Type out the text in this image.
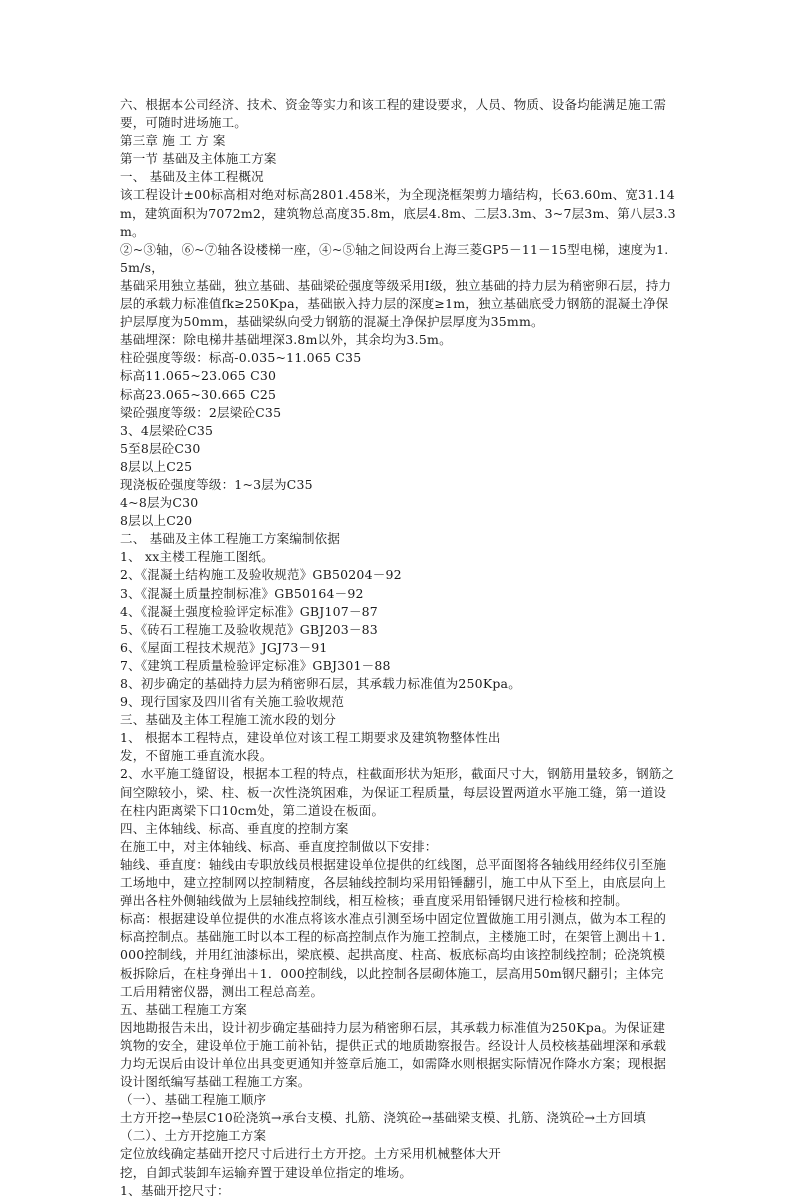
六、根据本公司经济、技术、资金等实力和该工程的建设要求，人员、物质、设备均能满足施工需要，可随时进场施工。

第三章 施 工 方 案

第一节 基础及主体施工方案

一、 基础及主体工程概况

该工程设计±00标高相对绝对标高2801.458米，为全现浇框架剪力墙结构，长63.60m、宽31.14m，建筑面积为7072m2，建筑物总高度35.8m，底层4.8m、二层3.3m、3~7层3m、第八层3.3m。

②~③轴，⑥~⑦轴各设楼梯一座，④~⑤轴之间设两台上海三菱GP5－11－15型电梯，速度为1.5m/s，

基础采用独立基础，独立基础、基础梁砼强度等级采用Ⅰ级，独立基础的持力层为稍密卵石层，持力层的承载力标准值fk≥250Kpa，基础嵌入持力层的深度≥1m，独立基础底受力钢筋的混凝土净保护层厚度为50mm，基础梁纵向受力钢筋的混凝土净保护层厚度为35mm。

基础埋深：除电梯井基础埋深3.8m以外，其余均为3.5m。

柱砼强度等级：标高-0.035~11.065 C35

标高11.065~23.065 C30

标高23.065~30.665 C25

梁砼强度等级：2层梁砼C35

3、4层梁砼C35

5至8层砼C30

8层以上C25

现浇板砼强度等级：1~3层为C35

4~8层为C30

8层以上C20

二、 基础及主体工程施工方案编制依据

1、 xx主楼工程施工图纸。

2、《混凝土结构施工及验收规范》GB50204－92

3、《混凝土质量控制标准》GB50164－92

4、《混凝土强度检验评定标准》GBJ107－87

5、《砖石工程施工及验收规范》GBJ203－83

6、《屋面工程技术规范》JGJ73－91

7、《建筑工程质量检验评定标准》GBJ301－88

8、初步确定的基础持力层为稍密卵石层，其承载力标准值为250Kpa。

9、现行国家及四川省有关施工验收规范

三、基础及主体工程施工流水段的划分

1、 根据本工程特点，建设单位对该工程工期要求及建筑物整体性出

发，不留施工垂直流水段。

2、水平施工缝留设，根据本工程的特点，柱截面形状为矩形，截面尺寸大，钢筋用量较多，钢筋之间空隙较小，梁、柱、板一次性浇筑困难，为保证工程质量，每层设置两道水平施工缝，第一道设在柱内距离梁下口10cm处，第二道设在板面。

四、主体轴线、标高、垂直度的控制方案

在施工中，对主体轴线、标高、垂直度控制做以下安排：

轴线、垂直度：轴线由专职放线员根据建设单位提供的红线图，总平面图将各轴线用经纬仪引至施工场地中，建立控制网以控制精度，各层轴线控制均采用铅锤翻引，施工中从下至上，由底层向上弹出各柱外侧轴线做为上层轴线控制线，相互检核；垂直度采用铅锤钢尺进行检核和控制。

标高：根据建设单位提供的水准点将该水准点引测至场中固定位置做施工用引测点，做为本工程的标高控制点。基础施工时以本工程的标高控制点作为施工控制点，主楼施工时，在架管上测出＋1．000控制线，并用红油漆标出，梁底模、起拱高度、柱高、板底标高均由该控制线控制；砼浇筑模板拆除后，在柱身弹出＋1．000控制线，以此控制各层砌体施工，层高用50m钢尺翻引；主体完工后用精密仪器，测出工程总高差。

五、基础工程施工方案

因地勘报告未出，设计初步确定基础持力层为稍密卵石层，其承载力标准值为250Kpa。为保证建筑物的安全，建设单位于施工前补钻，提供正式的地质勘察报告。经设计人员校核基础埋深和承载力均无误后由设计单位出具变更通知并签章后施工，如需降水则根据实际情况作降水方案；现根据设计图纸编写基础工程施工方案。

（一）、基础工程施工顺序

土方开挖→垫层C10砼浇筑→承台支模、扎筋、浇筑砼→基础梁支模、扎筋、浇筑砼→土方回填

（二）、土方开挖施工方案

定位放线确定基础开挖尺寸后进行土方开挖。土方采用机械整体大开

挖，自卸式装卸车运输弃置于建设单位指定的堆场。

1、基础开挖尺寸：
